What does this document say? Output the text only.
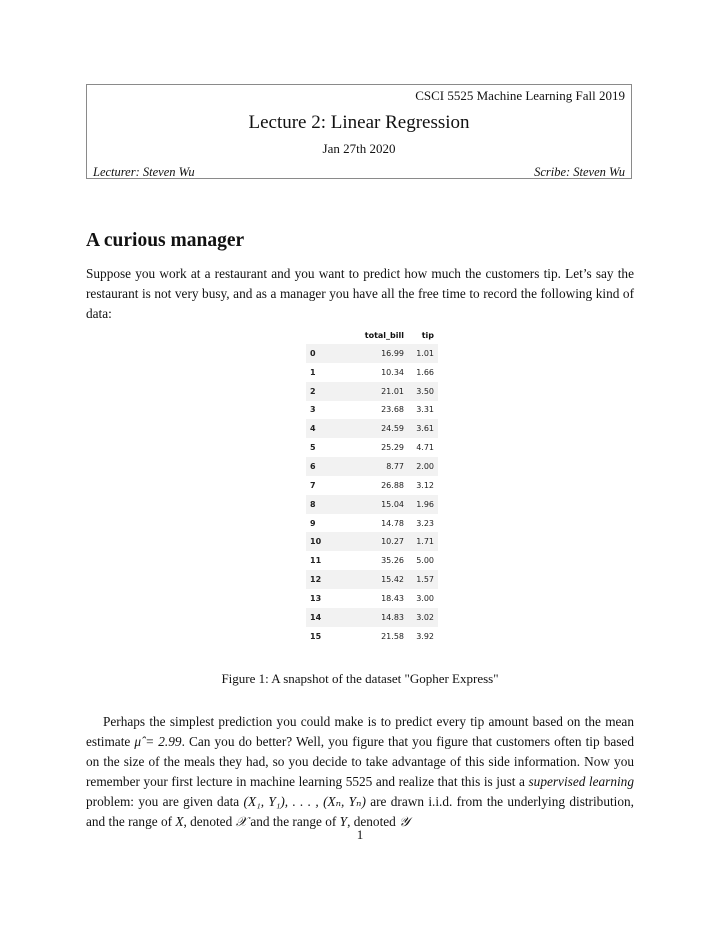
CSCI 5525 Machine Learning Fall 2019
Lecture 2: Linear Regression
Jan 27th 2020
Lecturer: Steven Wu	Scribe: Steven Wu
A curious manager
Suppose you work at a restaurant and you want to predict how much the customers tip. Let’s say the restaurant is not very busy, and as a manager you have all the free time to record the following kind of data:
	total_bill	tip
0	16.99	1.01
1	10.34	1.66
2	21.01	3.50
3	23.68	3.31
4	24.59	3.61
5	25.29	4.71
6	8.77	2.00
7	26.88	3.12
8	15.04	1.96
9	14.78	3.23
10	10.27	1.71
11	35.26	5.00
12	15.42	1.57
13	18.43	3.00
14	14.83	3.02
15	21.58	3.92
Figure 1: A snapshot of the dataset "Gopher Express"
Perhaps the simplest prediction you could make is to predict every tip amount based on the mean estimate μ̂ = 2.99. Can you do better? Well, you figure that you figure that customers often tip based on the size of the meals they had, so you decide to take advantage of this side information. Now you remember your first lecture in machine learning 5525 and realize that this is just a supervised learning problem: you are given data (X₁, Y₁), . . . , (Xₙ, Yₙ) are drawn i.i.d. from the underlying distribution, and the range of X, denoted 𝒳 and the range of Y, denoted 𝒴
1
